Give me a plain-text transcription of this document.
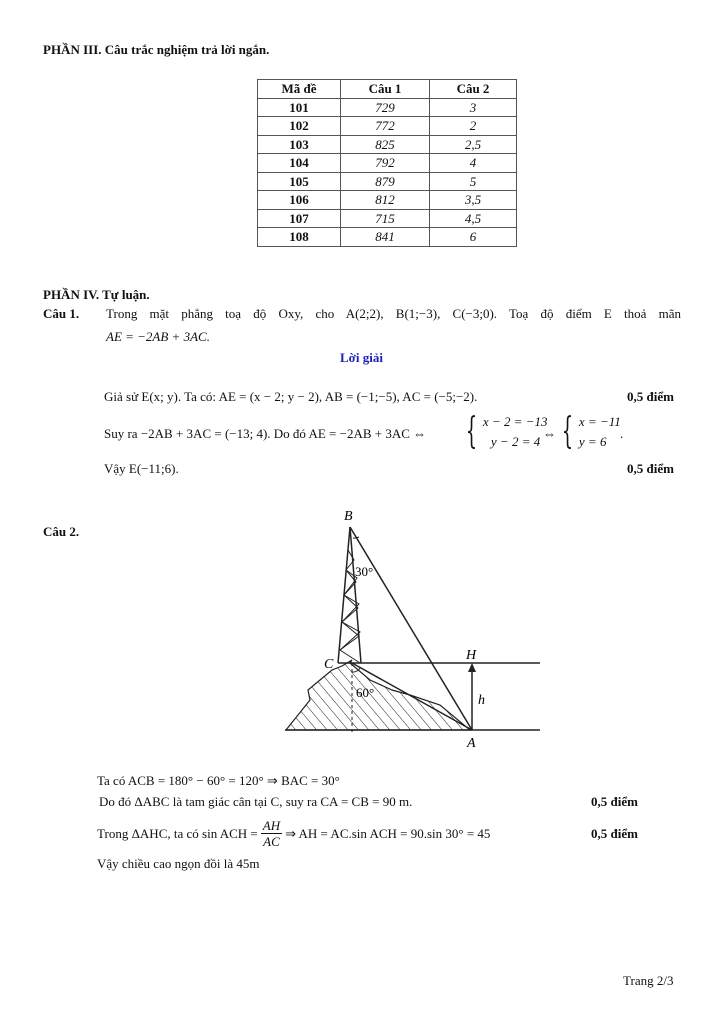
PHẦN III. Câu trắc nghiệm trả lời ngắn.
Mã đề	Câu 1	Câu 2
101	729	3
102	772	2
103	825	2,5
104	792	4
105	879	5
106	812	3,5
107	715	4,5
108	841	6
PHẦN IV. Tự luận.
Câu 1. Trong mặt phẳng toạ độ Oxy, cho A(2;2), B(1;−3), C(−3;0). Toạ độ điểm E thoả mãn
AE = −2AB + 3AC.
Lời giải
Giả sử E(x; y). Ta có: AE = (x − 2; y − 2), AB = (−1;−5), AC = (−5;−2).	0,5 điểm
Suy ra −2AB + 3AC = (−13; 4). Do đó AE = −2AB + 3AC ⇔ { x − 2 = −13
y − 2 = 4
⇔ { x = −11
y = 6
.
Vậy E(−11;6).	0,5 điểm
Câu 2.
B
C
H
A
h
30°
60°
Ta có ACB = 180° − 60° = 120° ⇒ BAC = 30°
Do đó ΔABC là tam giác cân tại C, suy ra CA = CB = 90 m.	0,5 điểm
Trong ΔAHC, ta có sin ACH = $\frac{AH}{AC}$ ⇒ AH = AC.sin ACH = 90.sin 30° = 45	0,5 điểm
Vậy chiều cao ngọn đồi là 45m
Trang 2/3
